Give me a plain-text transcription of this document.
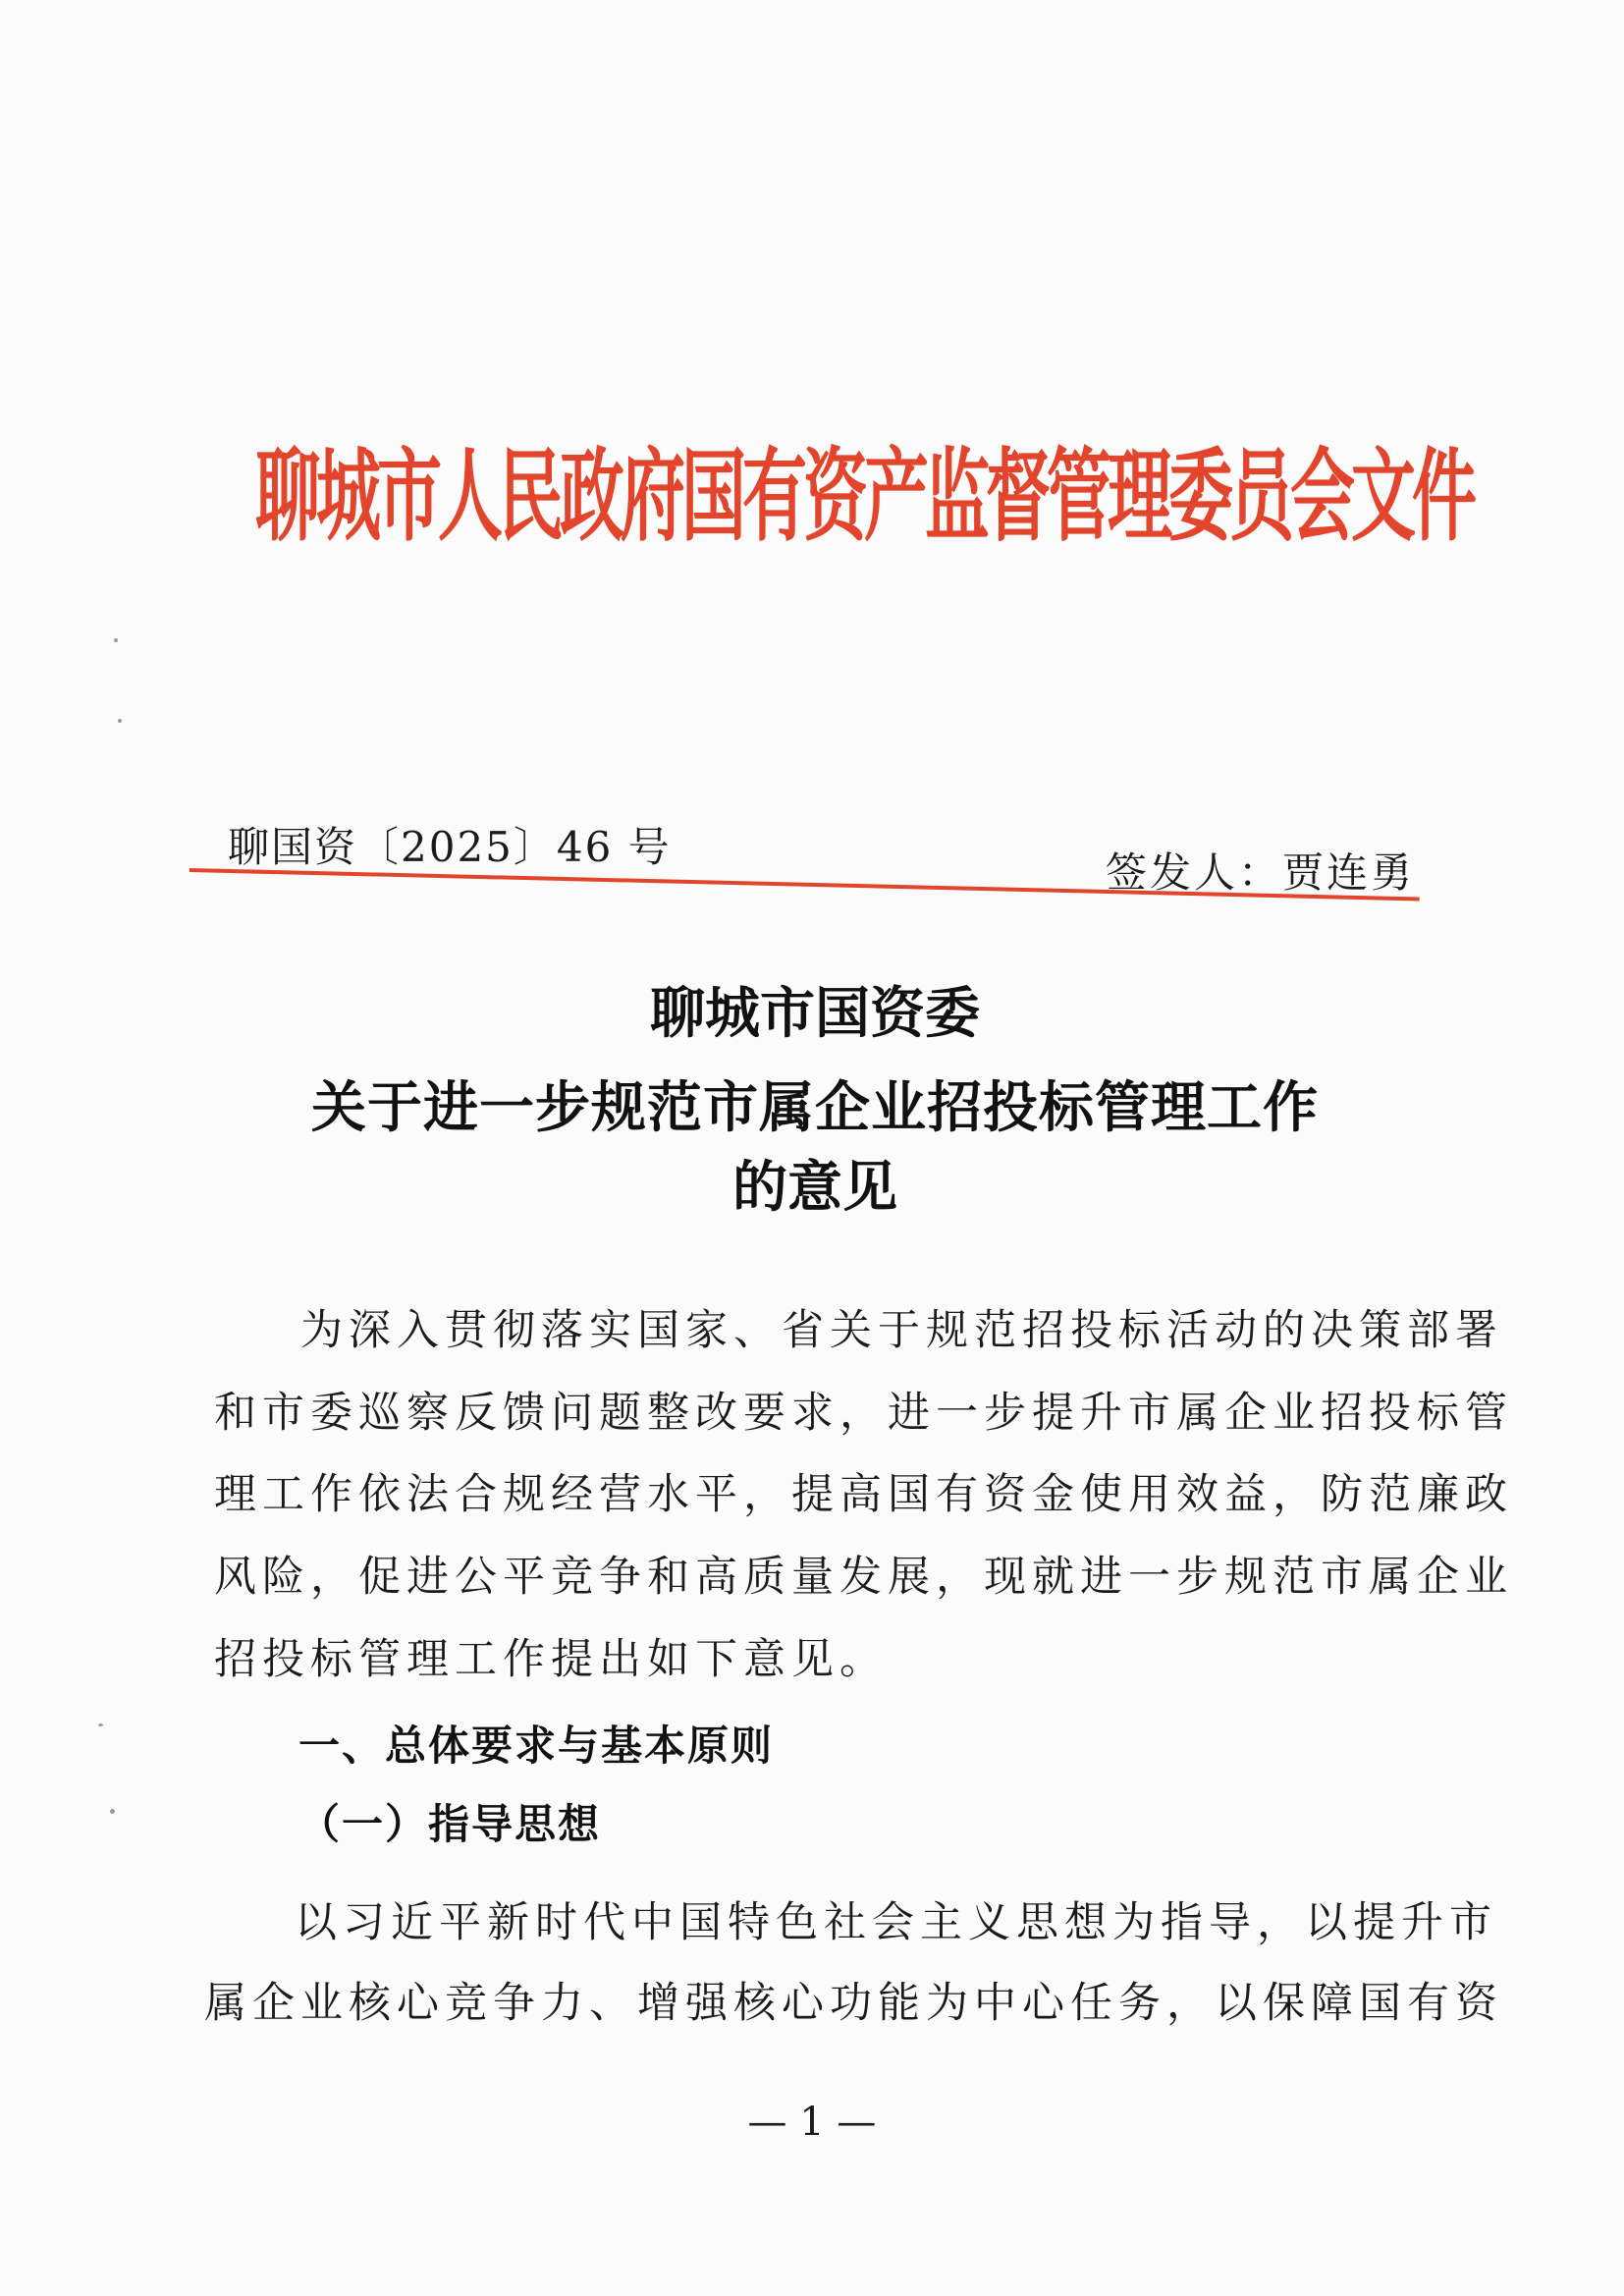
聊城市人民政府国有资产监督管理委员会文件
聊国资〔2025〕46 号
签发人：贾连勇
聊城市国资委
关于进一步规范市属企业招投标管理工作
的意见
为深入贯彻落实国家、省关于规范招投标活动的决策部署
和市委巡察反馈问题整改要求，进一步提升市属企业招投标管
理工作依法合规经营水平，提高国有资金使用效益，防范廉政
风险，促进公平竞争和高质量发展，现就进一步规范市属企业
招投标管理工作提出如下意见。
一、总体要求与基本原则
（一）指导思想
以习近平新时代中国特色社会主义思想为指导，以提升市
属企业核心竞争力、增强核心功能为中心任务，以保障国有资
— 1 —
